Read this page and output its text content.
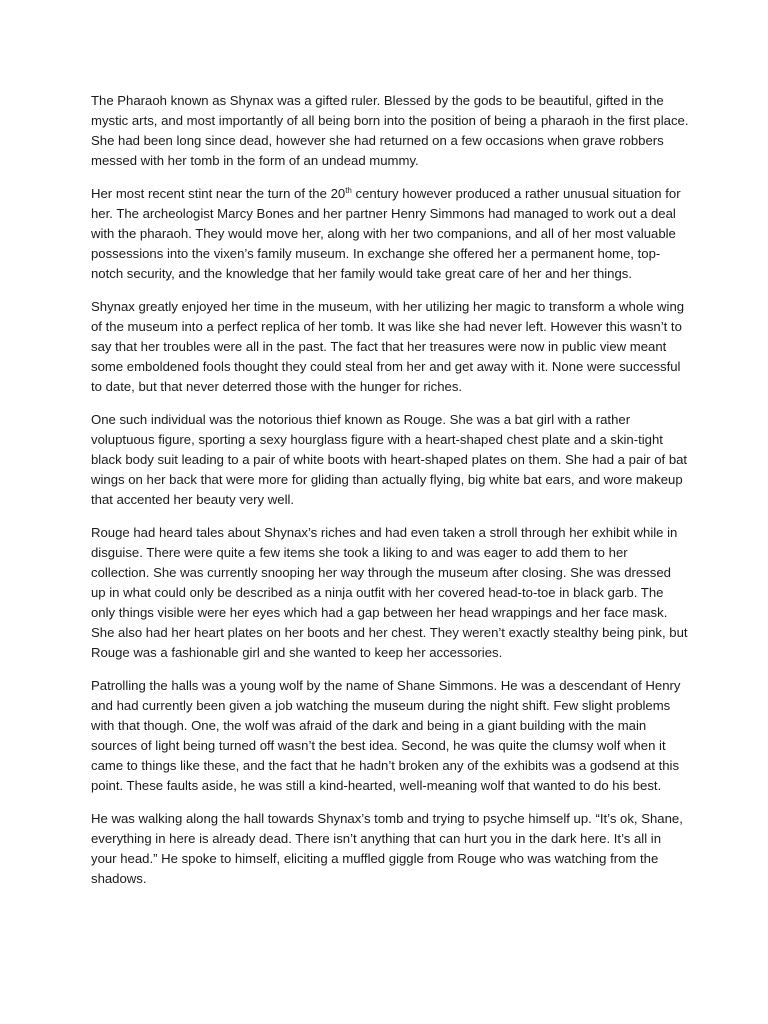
The Pharaoh known as Shynax was a gifted ruler. Blessed by the gods to be beautiful, gifted in the mystic arts, and most importantly of all being born into the position of being a pharaoh in the first place. She had been long since dead, however she had returned on a few occasions when grave robbers messed with her tomb in the form of an undead mummy.

Her most recent stint near the turn of the 20th century however produced a rather unusual situation for her. The archeologist Marcy Bones and her partner Henry Simmons had managed to work out a deal with the pharaoh. They would move her, along with her two companions, and all of her most valuable possessions into the vixen’s family museum. In exchange she offered her a permanent home, top-notch security, and the knowledge that her family would take great care of her and her things.

Shynax greatly enjoyed her time in the museum, with her utilizing her magic to transform a whole wing of the museum into a perfect replica of her tomb. It was like she had never left. However this wasn’t to say that her troubles were all in the past. The fact that her treasures were now in public view meant some emboldened fools thought they could steal from her and get away with it. None were successful to date, but that never deterred those with the hunger for riches.

One such individual was the notorious thief known as Rouge. She was a bat girl with a rather voluptuous figure, sporting a sexy hourglass figure with a heart-shaped chest plate and a skin-tight black body suit leading to a pair of white boots with heart-shaped plates on them. She had a pair of bat wings on her back that were more for gliding than actually flying, big white bat ears, and wore makeup that accented her beauty very well.

Rouge had heard tales about Shynax’s riches and had even taken a stroll through her exhibit while in disguise. There were quite a few items she took a liking to and was eager to add them to her collection. She was currently snooping her way through the museum after closing. She was dressed up in what could only be described as a ninja outfit with her covered head-to-toe in black garb. The only things visible were her eyes which had a gap between her head wrappings and her face mask. She also had her heart plates on her boots and her chest. They weren’t exactly stealthy being pink, but Rouge was a fashionable girl and she wanted to keep her accessories.

Patrolling the halls was a young wolf by the name of Shane Simmons. He was a descendant of Henry and had currently been given a job watching the museum during the night shift. Few slight problems with that though. One, the wolf was afraid of the dark and being in a giant building with the main sources of light being turned off wasn’t the best idea. Second, he was quite the clumsy wolf when it came to things like these, and the fact that he hadn’t broken any of the exhibits was a godsend at this point. These faults aside, he was still a kind-hearted, well-meaning wolf that wanted to do his best.

He was walking along the hall towards Shynax’s tomb and trying to psyche himself up. “It’s ok, Shane, everything in here is already dead. There isn’t anything that can hurt you in the dark here. It’s all in your head.” He spoke to himself, eliciting a muffled giggle from Rouge who was watching from the shadows.
